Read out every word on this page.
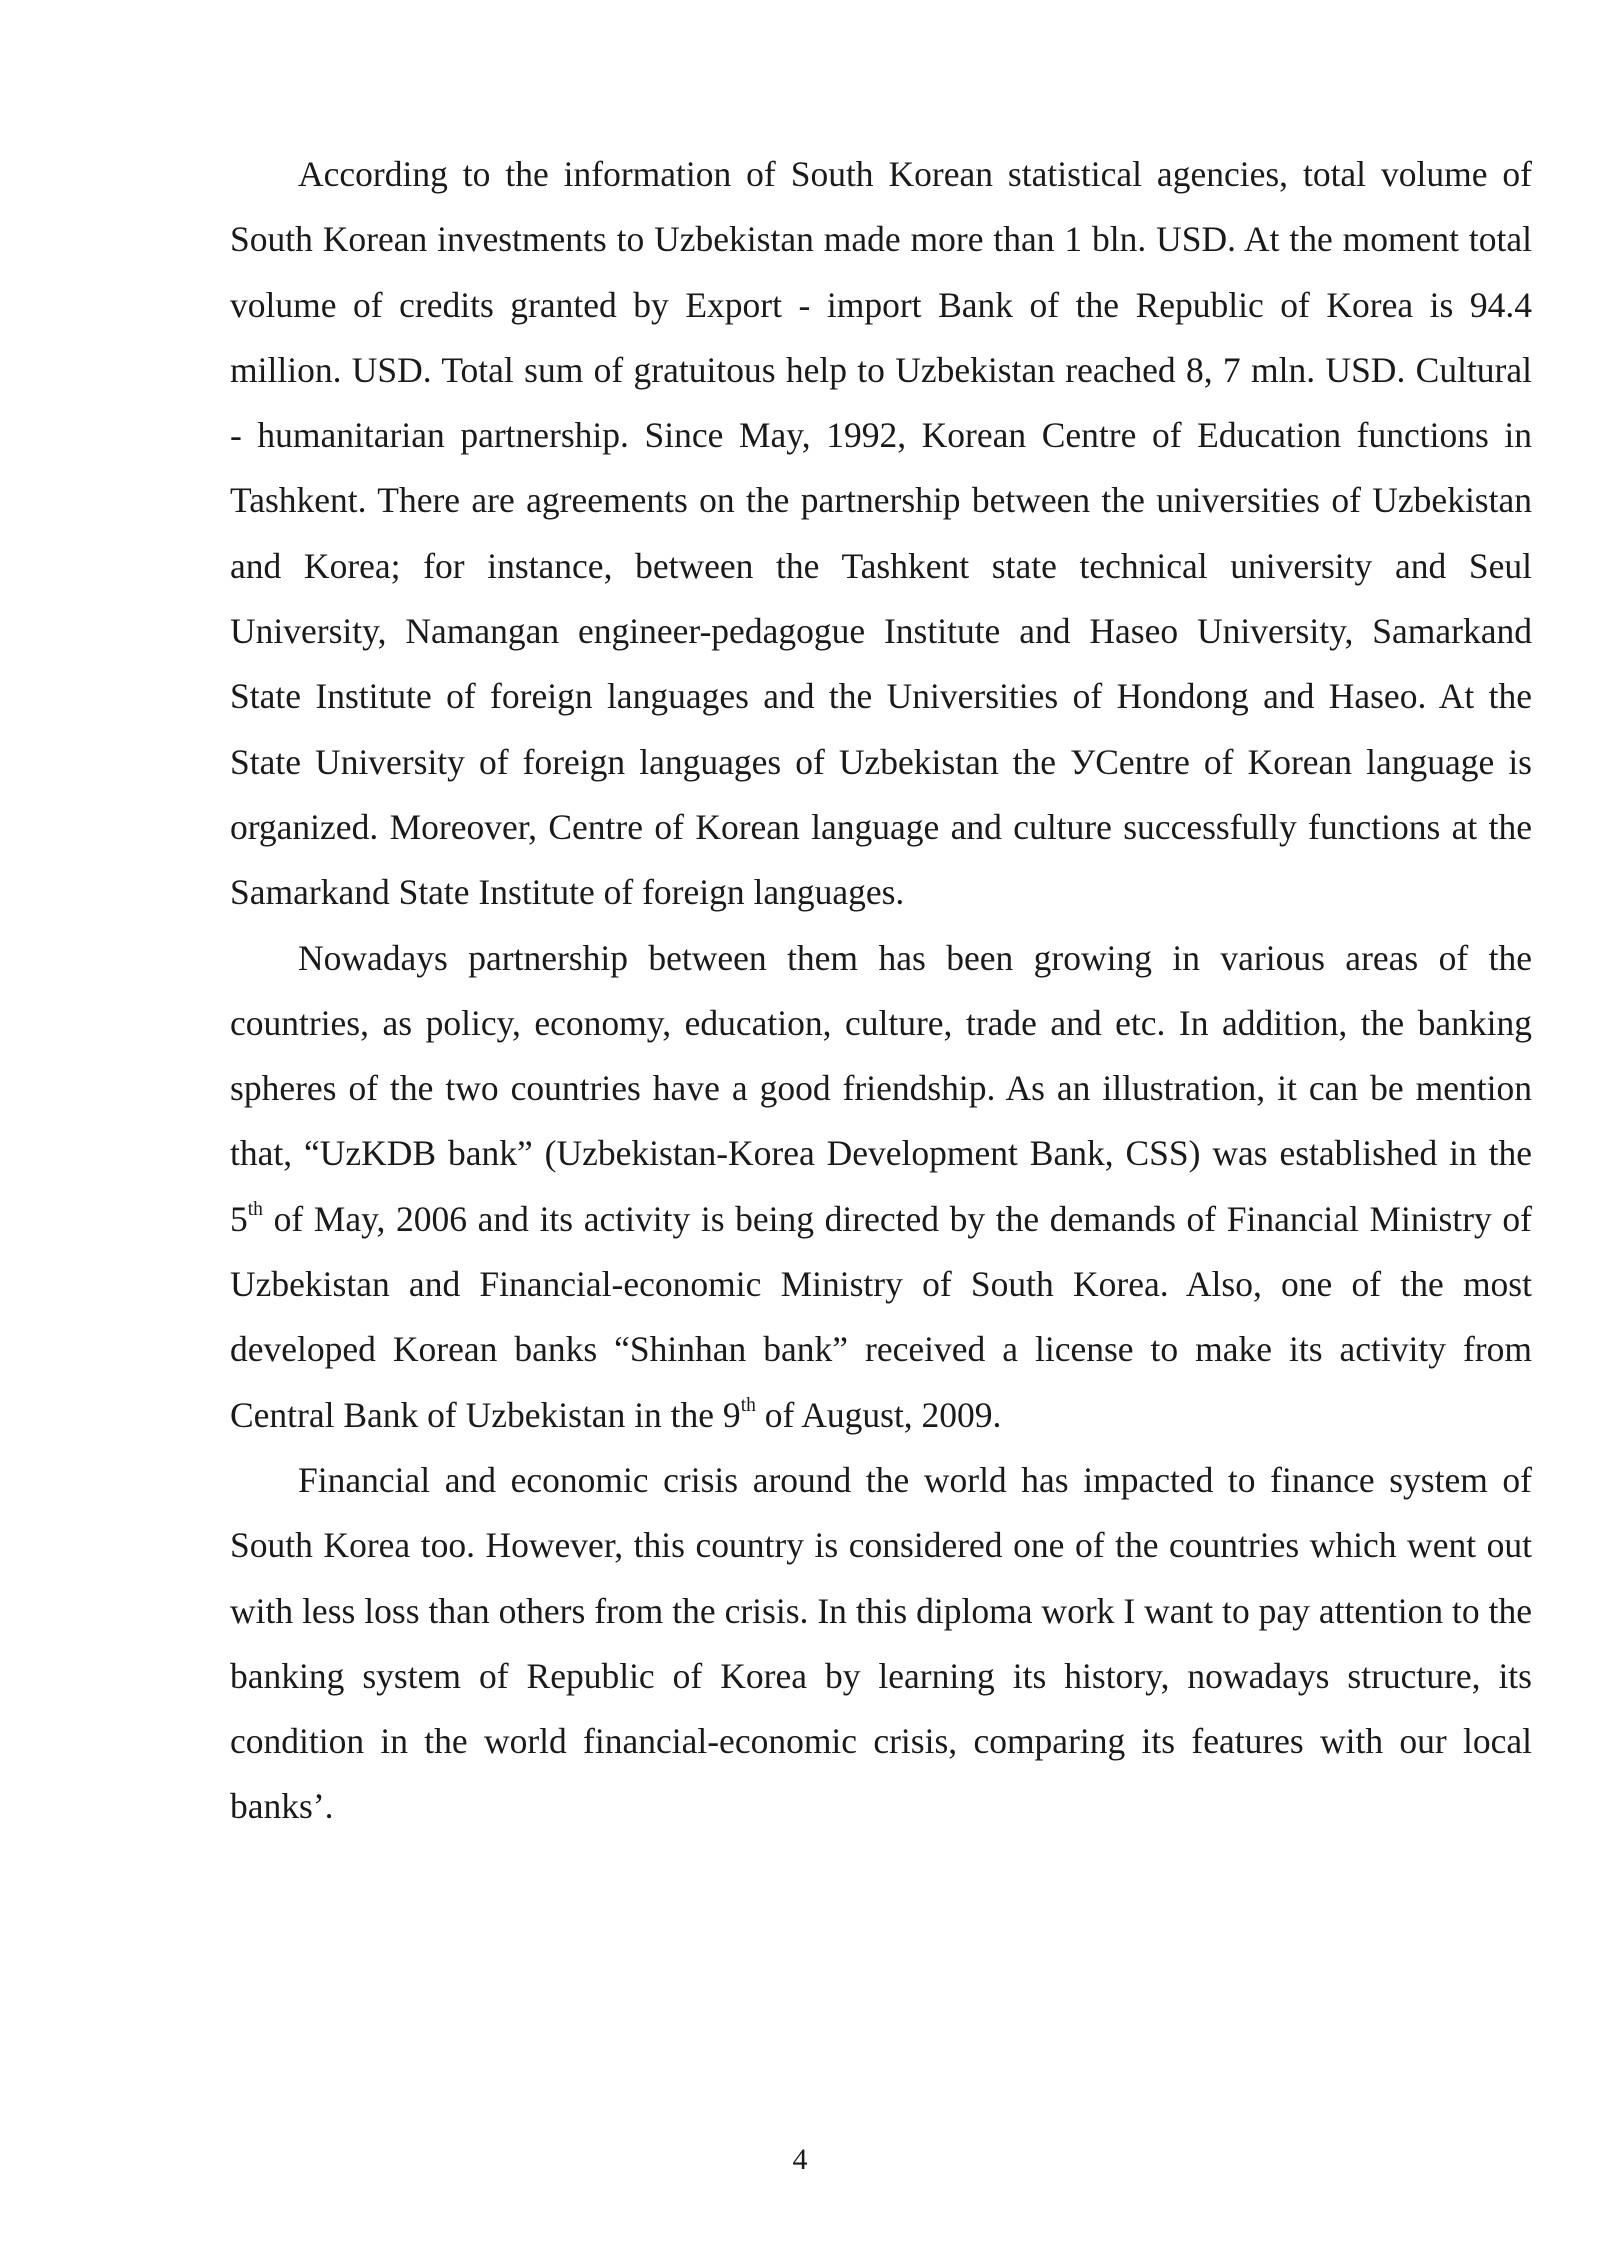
According to the information of South Korean statistical agencies, total volume of South Korean investments to Uzbekistan made more than 1 bln. USD. At the moment total volume of credits granted by Export - import Bank of the Republic of Korea is 94.4 million. USD. Total sum of gratuitous help to Uzbekistan reached 8, 7 mln. USD. Cultural - humanitarian partnership. Since May, 1992, Korean Centre of Education functions in Tashkent. There are agreements on the partnership between the universities of Uzbekistan and Korea; for instance, between the Tashkent state technical university and Seul University, Namangan engineer-pedagogue Institute and Haseo University, Samarkand State Institute of foreign languages and the Universities of Hondong and Haseo. At the State University of foreign languages of Uzbekistan the УCentre of Korean language is organized. Moreover, Centre of Korean language and culture successfully functions at the Samarkand State Institute of foreign languages.

Nowadays partnership between them has been growing in various areas of the countries, as policy, economy, education, culture, trade and etc. In addition, the banking spheres of the two countries have a good friendship. As an illustration, it can be mention that, “UzKDB bank” (Uzbekistan-Korea Development Bank, CSS) was established in the 5th of May, 2006 and its activity is being directed by the demands of Financial Ministry of Uzbekistan and Financial-economic Ministry of South Korea. Also, one of the most developed Korean banks “Shinhan bank” received a license to make its activity from Central Bank of Uzbekistan in the 9th of August, 2009.

Financial and economic crisis around the world has impacted to finance system of South Korea too. However, this country is considered one of the countries which went out with less loss than others from the crisis. In this diploma work I want to pay attention to the banking system of Republic of Korea by learning its history, nowadays structure, its condition in the world financial-economic crisis, comparing its features with our local banks’.

4
